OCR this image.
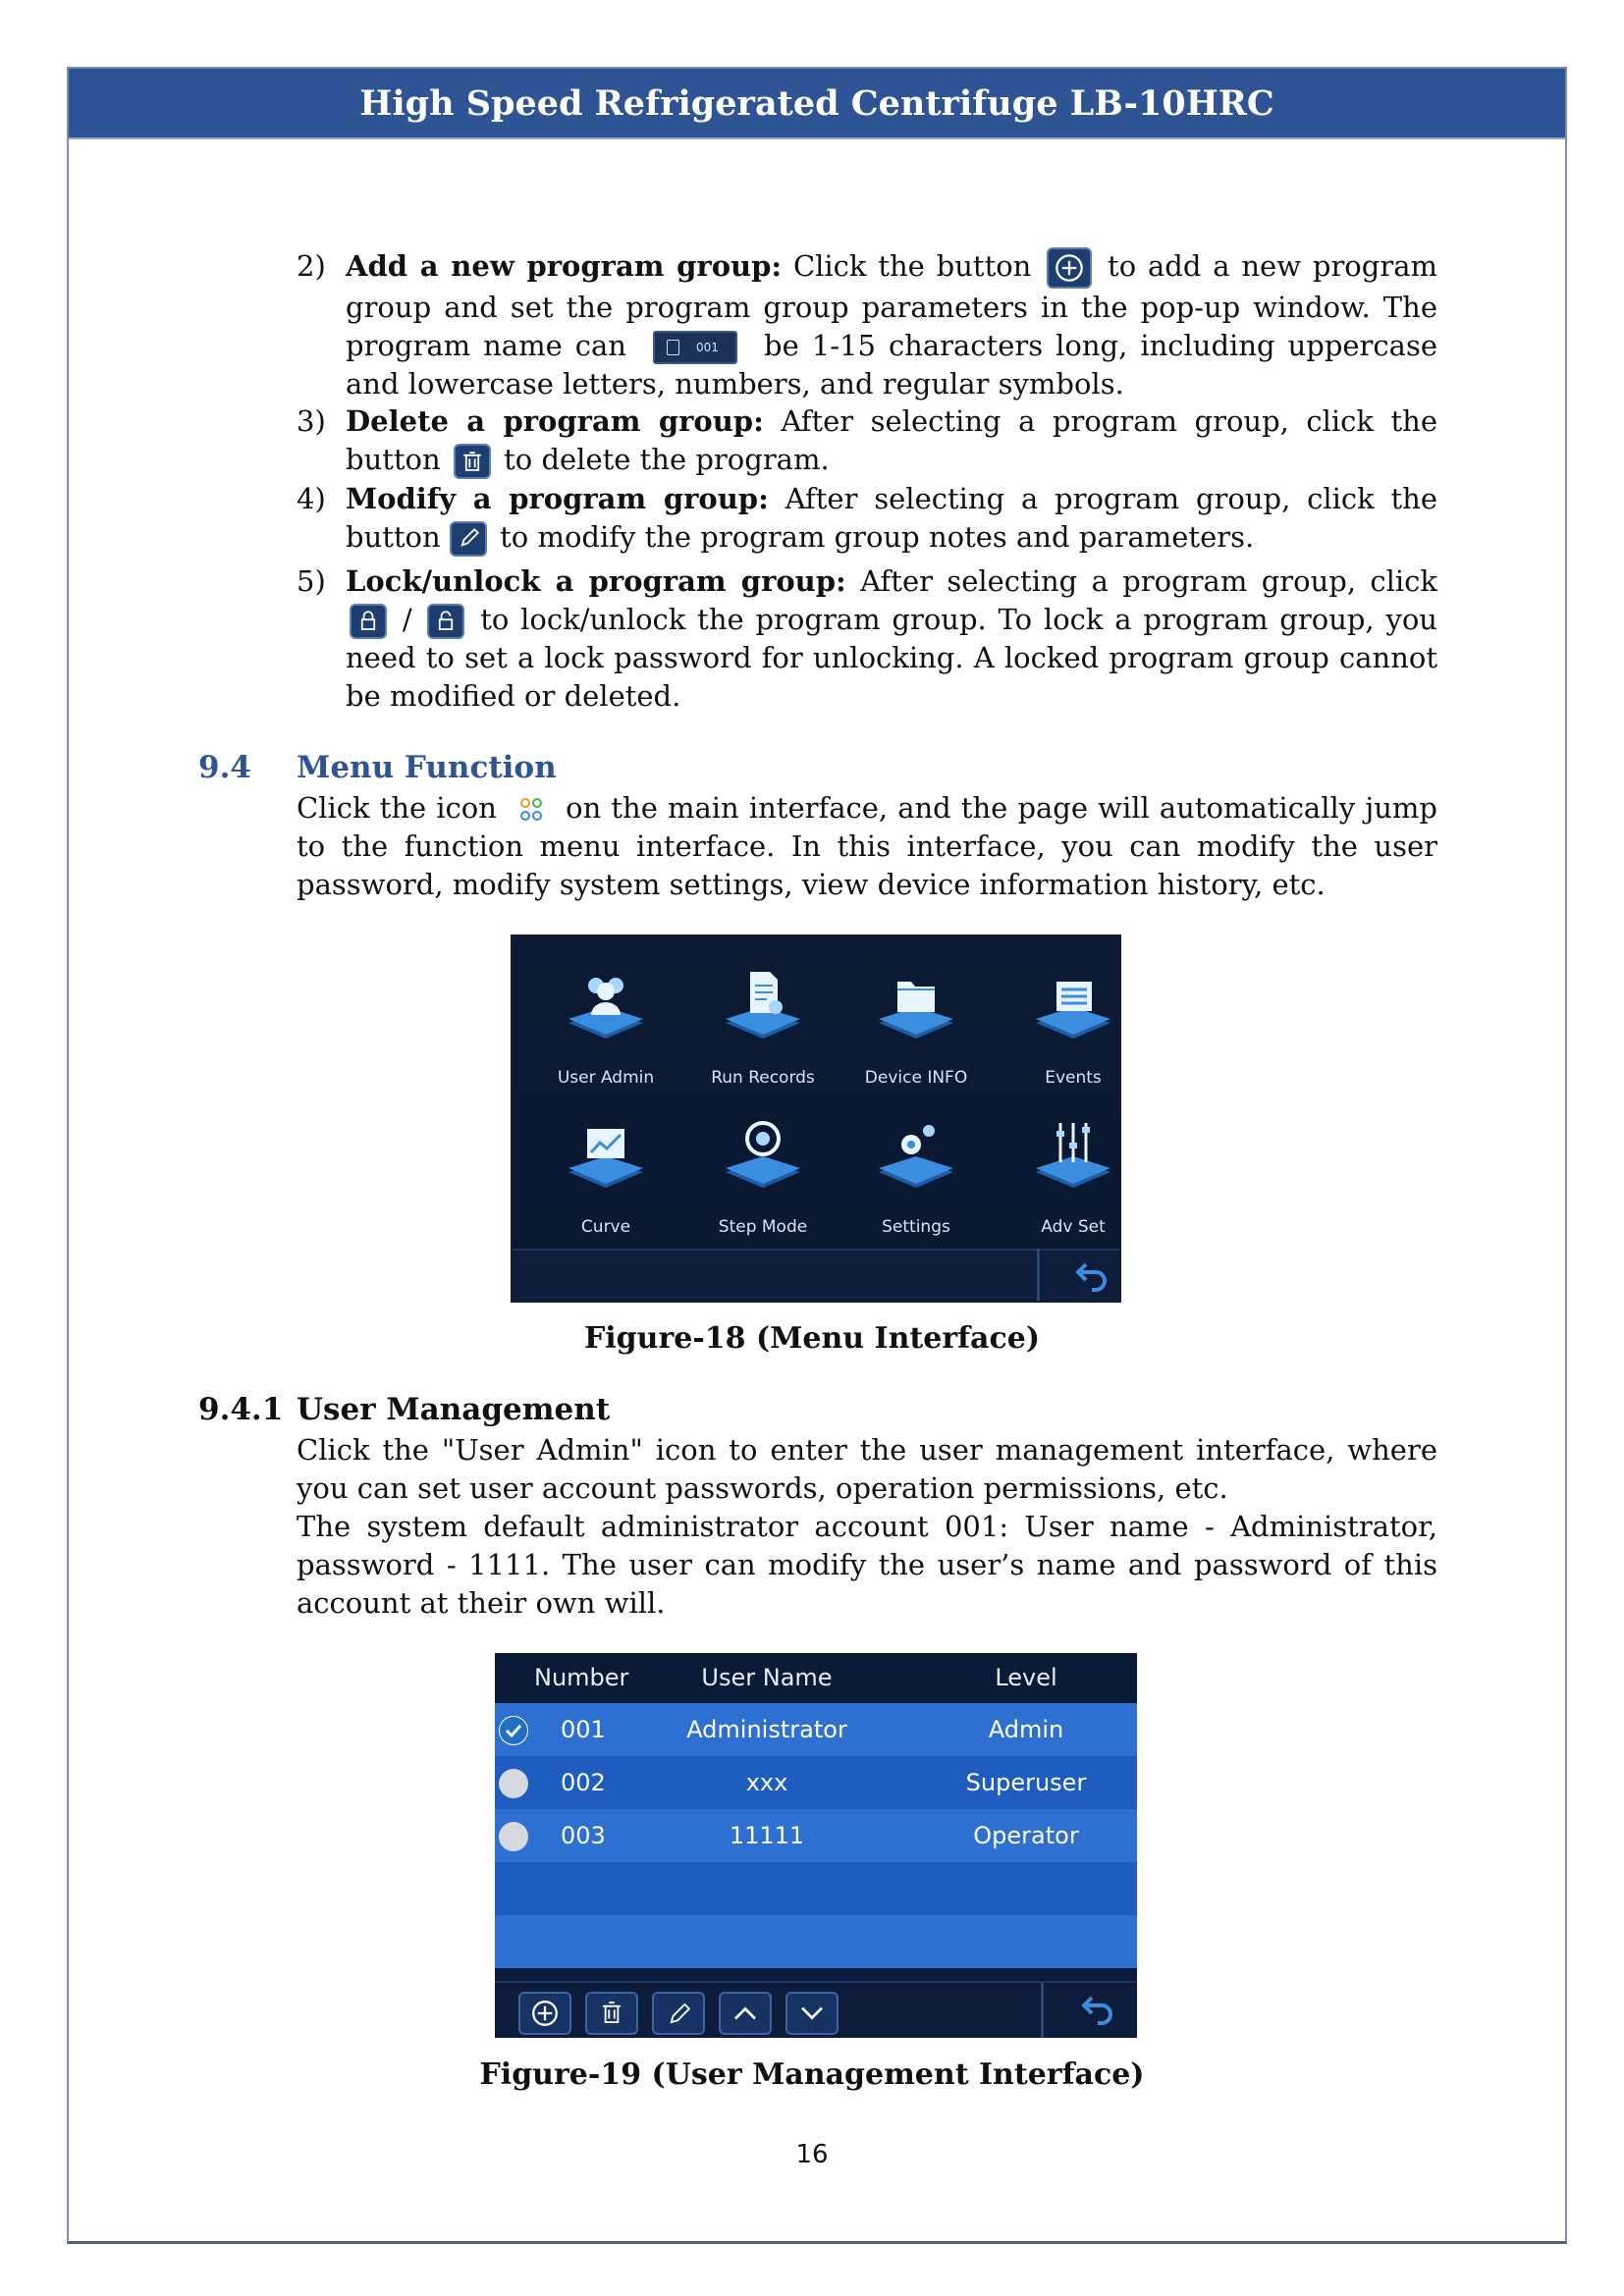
High Speed Refrigerated Centrifuge LB-10HRC
2)
3) Delete a program group: After selecting a program group, click the button
to delete the program.
4) Modify a program group: After selecting a program group, click the button
to modify the program group notes and parameters.
5) Lock/unlock a program group: After selecting a program group, click
/
to lock/unlock the program group. To lock a program group, you need to set a lock password for unlocking. A locked program group cannot be modified or deleted.
9.4 Menu Function
Click the icon
on the main interface, and the page will automatically jump to the function menu interface. In this interface, you can modify the user password, modify system settings, view device information history, etc.
User Admin	Run Records	Device INFO	Events
Curve	Step Mode	Settings	Adv Set
Figure-18 (Menu Interface)
9.4.1 User Management
Click the "User Admin" icon to enter the user management interface, where you can set user account passwords, operation permissions, etc.
The system default administrator account 001: User name - Administrator, password - 1111. The user can modify the user’s name and password of this account at their own will.
Number	User Name	Level
001	Administrator	Admin
002	xxx	Superuser
003	11111	Operator
Figure-19 (User Management Interface)
16
Add a new program group: Click the button
to add a new program group and set the program group parameters in the pop-up window. The program name can	001 be 1-15 characters long, including uppercase and lowercase letters, numbers, and regular symbols.
